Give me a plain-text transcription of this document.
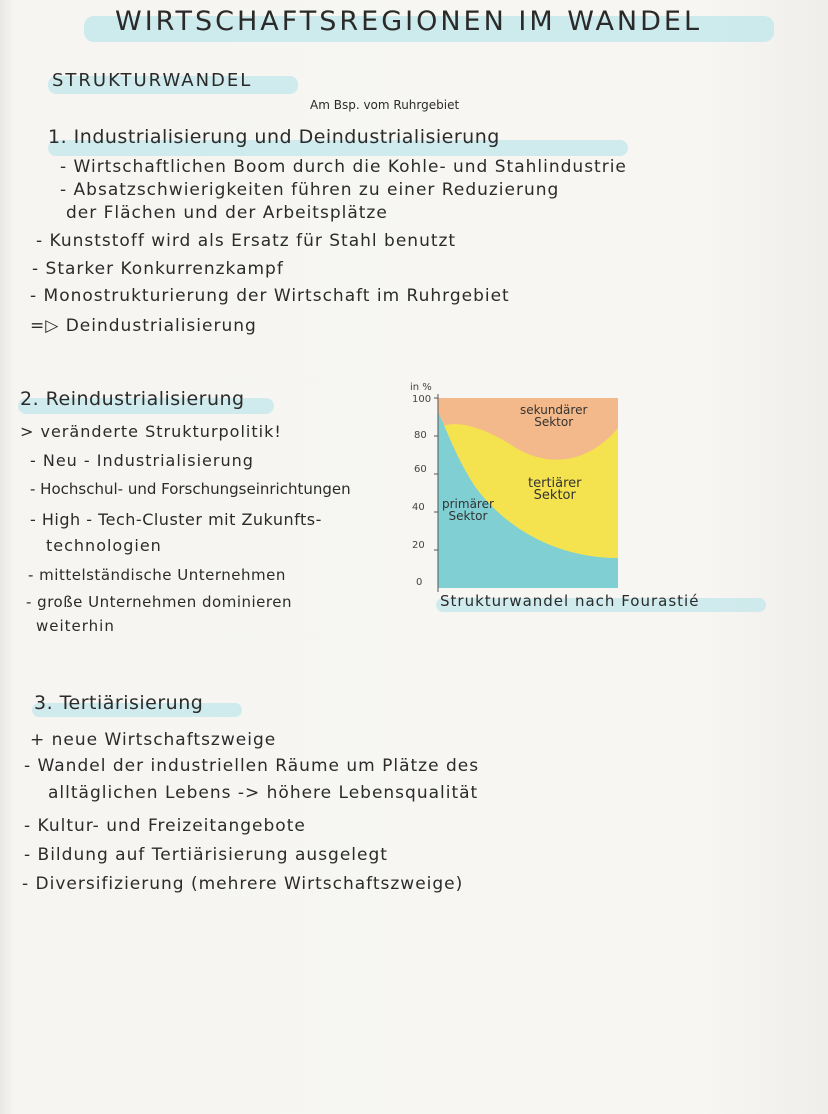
WIRTSCHAFTSREGIONEN IM WANDEL
STRUKTURWANDEL
Am Bsp. vom Ruhrgebiet
1. Industrialisierung und Deindustrialisierung
- Wirtschaftlichen Boom durch die Kohle- und Stahlindustrie
- Absatzschwierigkeiten führen zu einer Reduzierung
der Flächen und der Arbeitsplätze
- Kunststoff wird als Ersatz für Stahl benutzt
- Starker Konkurrenzkampf
- Monostrukturierung der Wirtschaft im Ruhrgebiet
=▷ Deindustrialisierung
2. Reindustrialisierung
> veränderte Strukturpolitik!
- Neu - Industrialisierung
- Hochschul- und Forschungseinrichtungen
- High - Tech-Cluster mit Zukunfts-
technologien
- mittelständische Unternehmen
- große Unternehmen dominieren
weiterhin
in %
100
80
60
40
20
0
sekundärer
Sektor
tertiärer
Sektor
primärer
Sektor
Strukturwandel nach Fourastié
3. Tertiärisierung
+ neue Wirtschaftszweige
- Wandel der industriellen Räume um Plätze des
alltäglichen Lebens -> höhere Lebensqualität
- Kultur- und Freizeitangebote
- Bildung auf Tertiärisierung ausgelegt
- Diversifizierung (mehrere Wirtschaftszweige)
